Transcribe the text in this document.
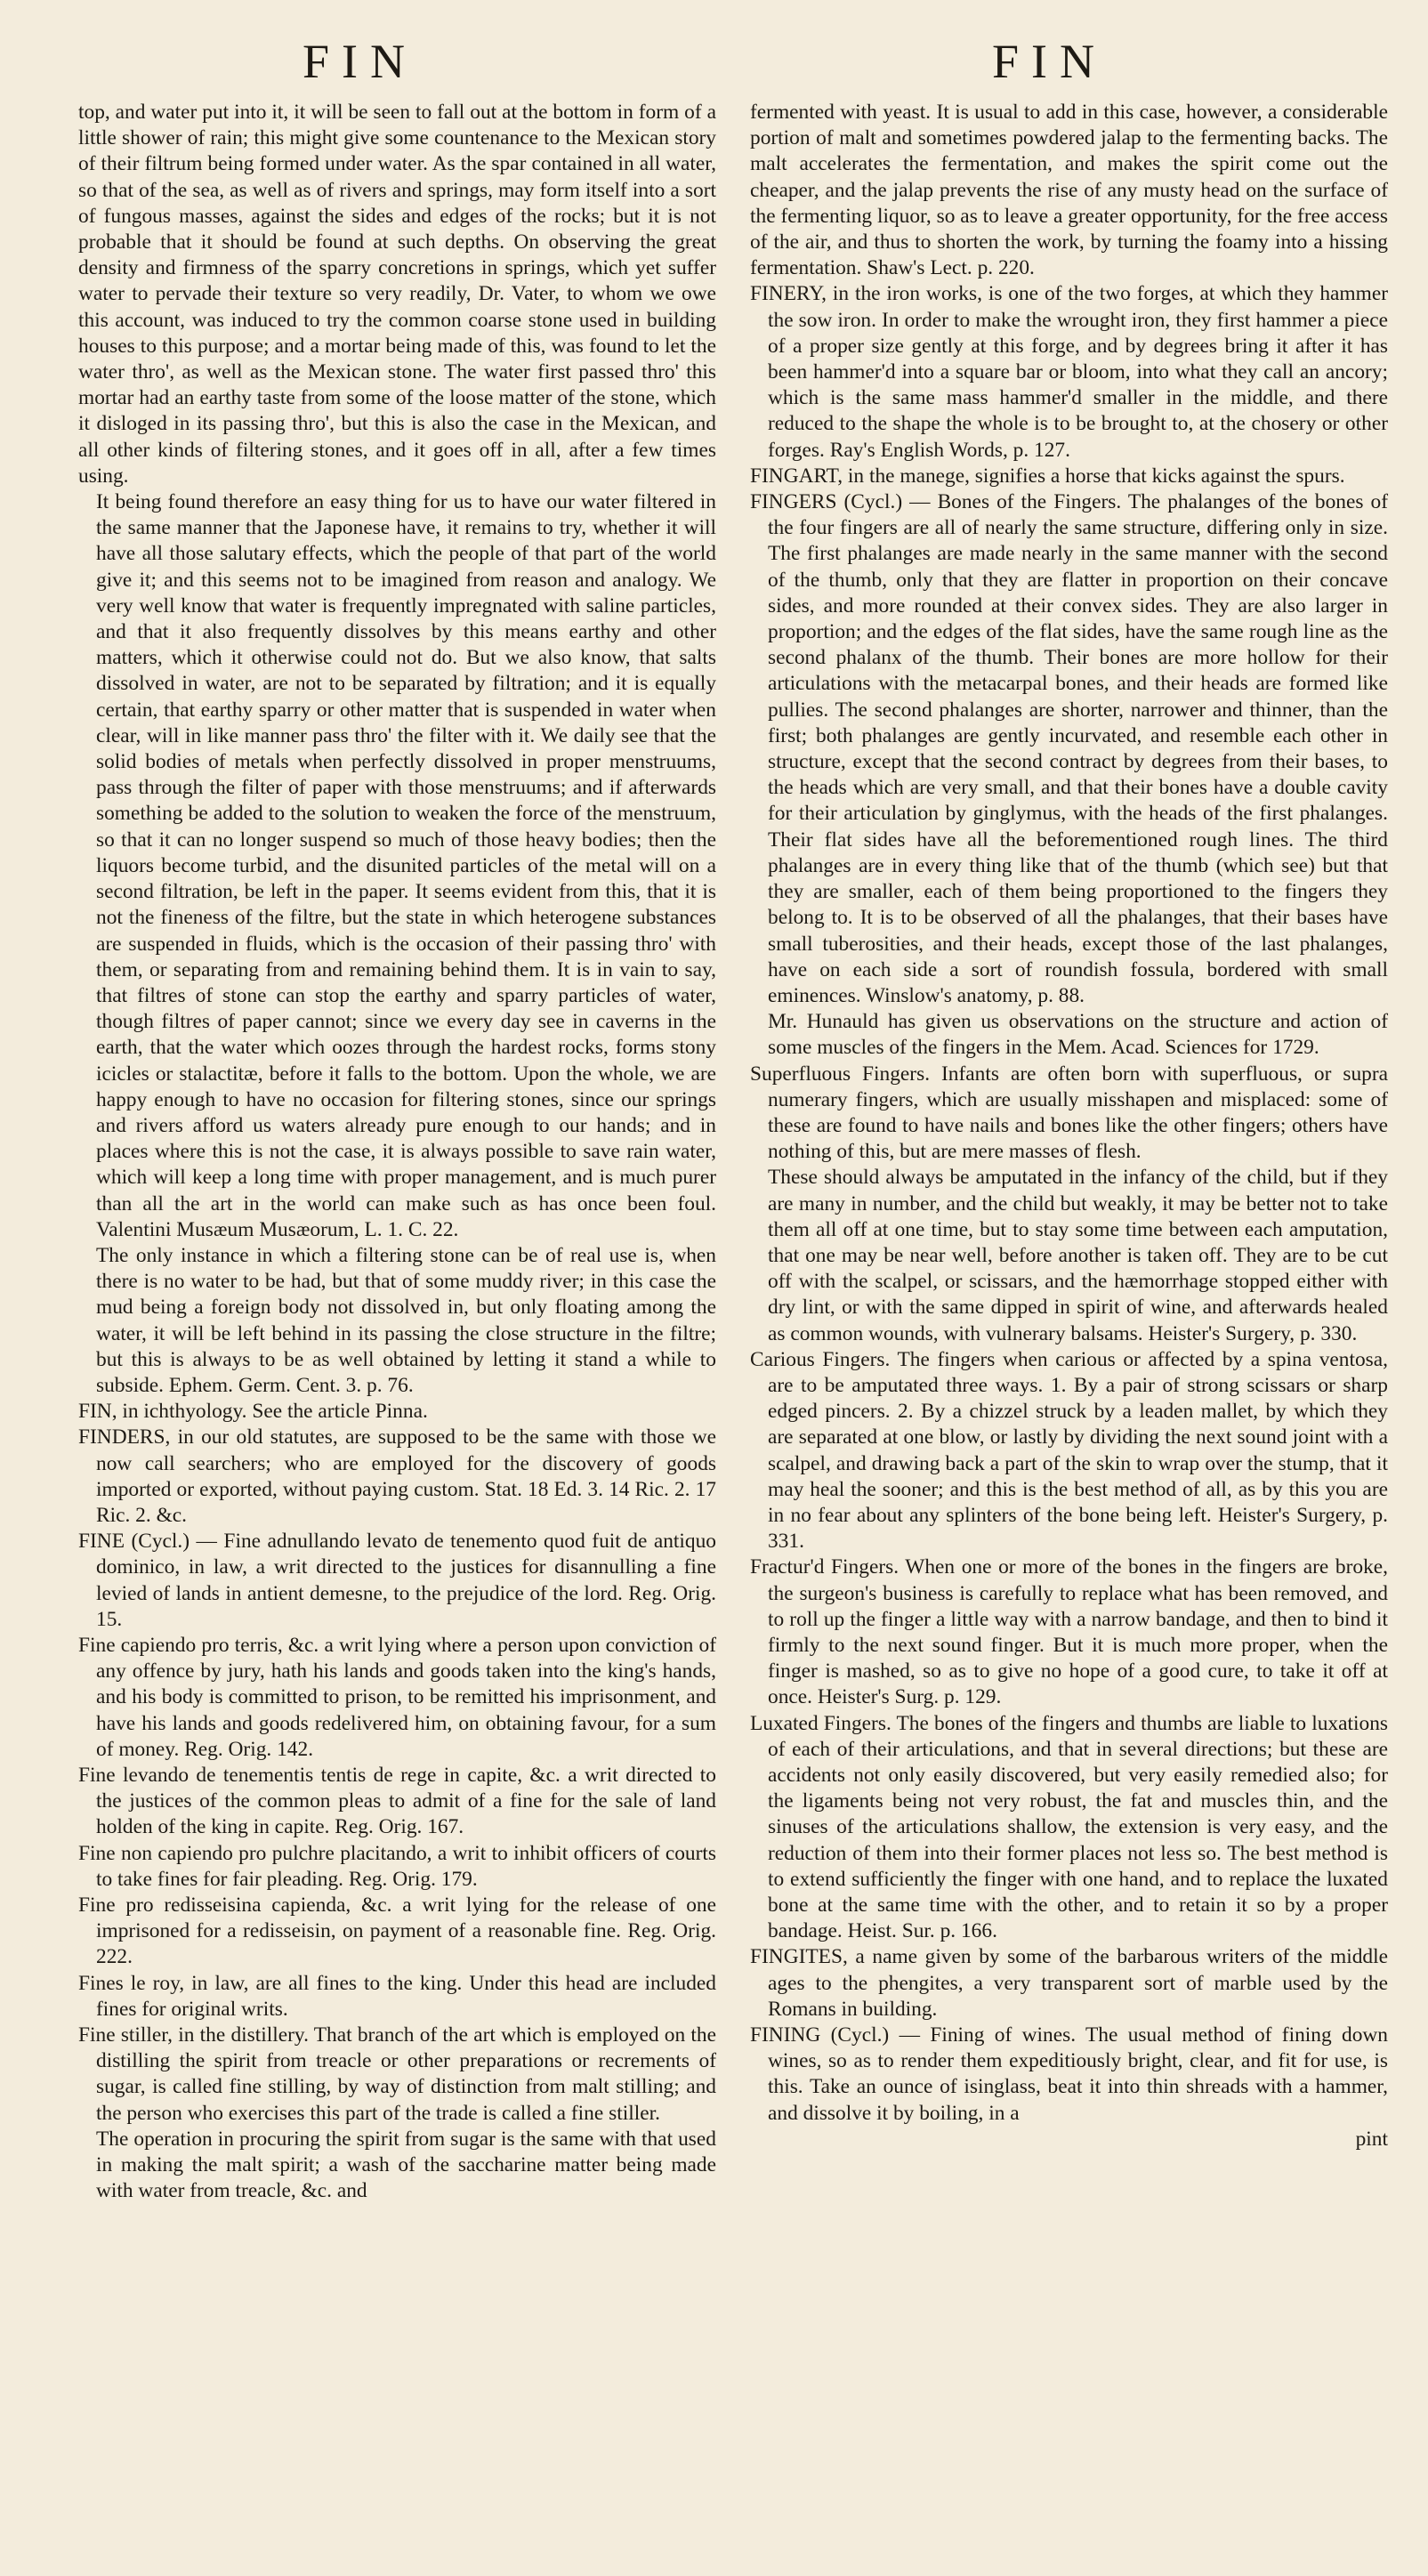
FIN	FIN

top, and water put into it, it will be seen to fall out at the bottom in form of a little shower of rain; this might give some countenance to the Mexican story of their filtrum being formed under water. As the spar contained in all water, so that of the sea, as well as of rivers and springs, may form itself into a sort of fungous masses, against the sides and edges of the rocks; but it is not probable that it should be found at such depths. On observing the great density and firmness of the sparry concretions in springs, which yet suffer water to pervade their texture so very readily, Dr. Vater, to whom we owe this account, was induced to try the common coarse stone used in building houses to this purpose; and a mortar being made of this, was found to let the water thro', as well as the Mexican stone. The water first passed thro' this mortar had an earthy taste from some of the loose matter of the stone, which it disloged in its passing thro', but this is also the case in the Mexican, and all other kinds of filtering stones, and it goes off in all, after a few times using.

It being found therefore an easy thing for us to have our water filtered in the same manner that the Japonese have, it remains to try, whether it will have all those salutary effects, which the people of that part of the world give it; and this seems not to be imagined from reason and analogy. We very well know that water is frequently impregnated with saline particles, and that it also frequently dissolves by this means earthy and other matters, which it otherwise could not do. But we also know, that salts dissolved in water, are not to be separated by filtration; and it is equally certain, that earthy sparry or other matter that is suspended in water when clear, will in like manner pass thro' the filter with it. We daily see that the solid bodies of metals when perfectly dissolved in proper menstruums, pass through the filter of paper with those menstruums; and if afterwards something be added to the solution to weaken the force of the menstruum, so that it can no longer suspend so much of those heavy bodies; then the liquors become turbid, and the disunited particles of the metal will on a second filtration, be left in the paper. It seems evident from this, that it is not the fineness of the filtre, but the state in which heterogene substances are suspended in fluids, which is the occasion of their passing thro' with them, or separating from and remaining behind them. It is in vain to say, that filtres of stone can stop the earthy and sparry particles of water, though filtres of paper cannot; since we every day see in caverns in the earth, that the water which oozes through the hardest rocks, forms stony icicles or stalactitæ, before it falls to the bottom. Upon the whole, we are happy enough to have no occasion for filtering stones, since our springs and rivers afford us waters already pure enough to our hands; and in places where this is not the case, it is always possible to save rain water, which will keep a long time with proper management, and is much purer than all the art in the world can make such as has once been foul. Valentini Musæum Musæorum, L. 1. C. 22.

The only instance in which a filtering stone can be of real use is, when there is no water to be had, but that of some muddy river; in this case the mud being a foreign body not dissolved in, but only floating among the water, it will be left behind in its passing the close structure in the filtre; but this is always to be as well obtained by letting it stand a while to subside. Ephem. Germ. Cent. 3. p. 76.

FIN, in ichthyology. See the article Pinna.

FINDERS, in our old statutes, are supposed to be the same with those we now call searchers; who are employed for the discovery of goods imported or exported, without paying custom. Stat. 18 Ed. 3. 14 Ric. 2. 17 Ric. 2. &c.

FINE (Cycl.) — Fine adnullando levato de tenemento quod fuit de antiquo dominico, in law, a writ directed to the justices for disannulling a fine levied of lands in antient demesne, to the prejudice of the lord. Reg. Orig. 15.

Fine capiendo pro terris, &c. a writ lying where a person upon conviction of any offence by jury, hath his lands and goods taken into the king's hands, and his body is committed to prison, to be remitted his imprisonment, and have his lands and goods redelivered him, on obtaining favour, for a sum of money. Reg. Orig. 142.

Fine levando de tenementis tentis de rege in capite, &c. a writ directed to the justices of the common pleas to admit of a fine for the sale of land holden of the king in capite. Reg. Orig. 167.

Fine non capiendo pro pulchre placitando, a writ to inhibit officers of courts to take fines for fair pleading. Reg. Orig. 179.

Fine pro redisseisina capienda, &c. a writ lying for the release of one imprisoned for a redisseisin, on payment of a reasonable fine. Reg. Orig. 222.

Fines le roy, in law, are all fines to the king. Under this head are included fines for original writs.

Fine stiller, in the distillery. That branch of the art which is employed on the distilling the spirit from treacle or other preparations or recrements of sugar, is called fine stilling, by way of distinction from malt stilling; and the person who exercises this part of the trade is called a fine stiller.

The operation in procuring the spirit from sugar is the same with that used in making the malt spirit; a wash of the saccharine matter being made with water from treacle, &c. and

fermented with yeast. It is usual to add in this case, however, a considerable portion of malt and sometimes powdered jalap to the fermenting backs. The malt accelerates the fermentation, and makes the spirit come out the cheaper, and the jalap prevents the rise of any musty head on the surface of the fermenting liquor, so as to leave a greater opportunity, for the free access of the air, and thus to shorten the work, by turning the foamy into a hissing fermentation. Shaw's Lect. p. 220.

FINERY, in the iron works, is one of the two forges, at which they hammer the sow iron. In order to make the wrought iron, they first hammer a piece of a proper size gently at this forge, and by degrees bring it after it has been hammer'd into a square bar or bloom, into what they call an ancory; which is the same mass hammer'd smaller in the middle, and there reduced to the shape the whole is to be brought to, at the chosery or other forges. Ray's English Words, p. 127.

FINGART, in the manege, signifies a horse that kicks against the spurs.

FINGERS (Cycl.) — Bones of the Fingers. The phalanges of the bones of the four fingers are all of nearly the same structure, differing only in size. The first phalanges are made nearly in the same manner with the second of the thumb, only that they are flatter in proportion on their concave sides, and more rounded at their convex sides. They are also larger in proportion; and the edges of the flat sides, have the same rough line as the second phalanx of the thumb. Their bones are more hollow for their articulations with the metacarpal bones, and their heads are formed like pullies. The second phalanges are shorter, narrower and thinner, than the first; both phalanges are gently incurvated, and resemble each other in structure, except that the second contract by degrees from their bases, to the heads which are very small, and that their bones have a double cavity for their articulation by ginglymus, with the heads of the first phalanges. Their flat sides have all the beforementioned rough lines. The third phalanges are in every thing like that of the thumb (which see) but that they are smaller, each of them being proportioned to the fingers they belong to. It is to be observed of all the phalanges, that their bases have small tuberosities, and their heads, except those of the last phalanges, have on each side a sort of roundish fossula, bordered with small eminences. Winslow's anatomy, p. 88.

Mr. Hunauld has given us observations on the structure and action of some muscles of the fingers in the Mem. Acad. Sciences for 1729.

Superfluous Fingers. Infants are often born with superfluous, or supra numerary fingers, which are usually misshapen and misplaced: some of these are found to have nails and bones like the other fingers; others have nothing of this, but are mere masses of flesh.

These should always be amputated in the infancy of the child, but if they are many in number, and the child but weakly, it may be better not to take them all off at one time, but to stay some time between each amputation, that one may be near well, before another is taken off. They are to be cut off with the scalpel, or scissars, and the hæmorrhage stopped either with dry lint, or with the same dipped in spirit of wine, and afterwards healed as common wounds, with vulnerary balsams. Heister's Surgery, p. 330.

Carious Fingers. The fingers when carious or affected by a spina ventosa, are to be amputated three ways. 1. By a pair of strong scissars or sharp edged pincers. 2. By a chizzel struck by a leaden mallet, by which they are separated at one blow, or lastly by dividing the next sound joint with a scalpel, and drawing back a part of the skin to wrap over the stump, that it may heal the sooner; and this is the best method of all, as by this you are in no fear about any splinters of the bone being left. Heister's Surgery, p. 331.

Fractur'd Fingers. When one or more of the bones in the fingers are broke, the surgeon's business is carefully to replace what has been removed, and to roll up the finger a little way with a narrow bandage, and then to bind it firmly to the next sound finger. But it is much more proper, when the finger is mashed, so as to give no hope of a good cure, to take it off at once. Heister's Surg. p. 129.

Luxated Fingers. The bones of the fingers and thumbs are liable to luxations of each of their articulations, and that in several directions; but these are accidents not only easily discovered, but very easily remedied also; for the ligaments being not very robust, the fat and muscles thin, and the sinuses of the articulations shallow, the extension is very easy, and the reduction of them into their former places not less so. The best method is to extend sufficiently the finger with one hand, and to replace the luxated bone at the same time with the other, and to retain it so by a proper bandage. Heist. Sur. p. 166.

FINGITES, a name given by some of the barbarous writers of the middle ages to the phengites, a very transparent sort of marble used by the Romans in building.

FINING (Cycl.) — Fining of wines. The usual method of fining down wines, so as to render them expeditiously bright, clear, and fit for use, is this. Take an ounce of isinglass, beat it into thin shreads with a hammer, and dissolve it by boiling, in a

pint
